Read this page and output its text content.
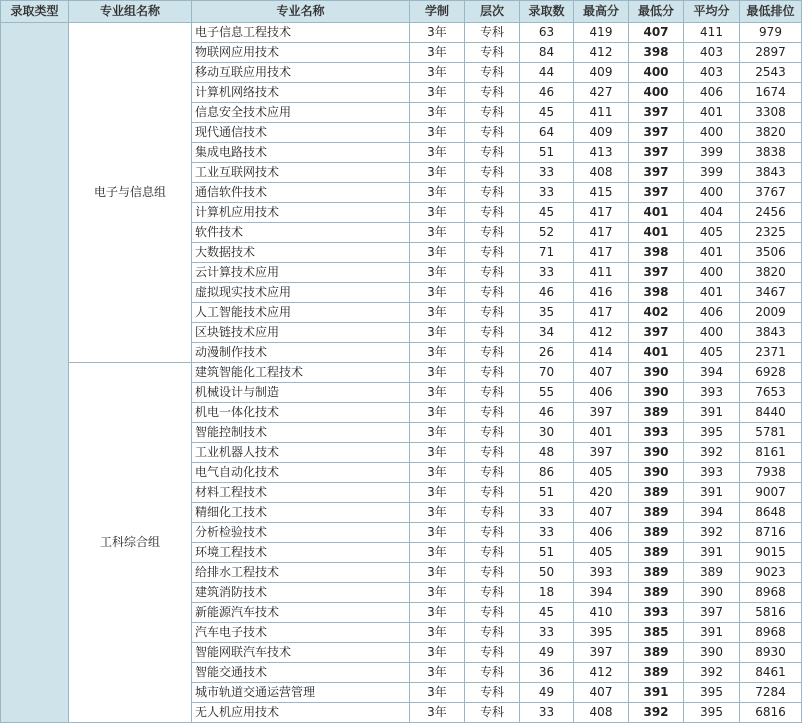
录取类型	专业组名称	专业名称	学制	层次	录取数	最高分	最低分	平均分	最低排位
	电子与信息组	电子信息工程技术	3年	专科	63	419	407	411	979
		物联网应用技术	3年	专科	84	412	398	403	2897
		移动互联应用技术	3年	专科	44	409	400	403	2543
		计算机网络技术	3年	专科	46	427	400	406	1674
		信息安全技术应用	3年	专科	45	411	397	401	3308
		现代通信技术	3年	专科	64	409	397	400	3820
		集成电路技术	3年	专科	51	413	397	399	3838
		工业互联网技术	3年	专科	33	408	397	399	3843
		通信软件技术	3年	专科	33	415	397	400	3767
		计算机应用技术	3年	专科	45	417	401	404	2456
		软件技术	3年	专科	52	417	401	405	2325
		大数据技术	3年	专科	71	417	398	401	3506
		云计算技术应用	3年	专科	33	411	397	400	3820
		虚拟现实技术应用	3年	专科	46	416	398	401	3467
		人工智能技术应用	3年	专科	35	417	402	406	2009
		区块链技术应用	3年	专科	34	412	397	400	3843
		动漫制作技术	3年	专科	26	414	401	405	2371
	工科综合组	建筑智能化工程技术	3年	专科	70	407	390	394	6928
		机械设计与制造	3年	专科	55	406	390	393	7653
		机电一体化技术	3年	专科	46	397	389	391	8440
		智能控制技术	3年	专科	30	401	393	395	5781
		工业机器人技术	3年	专科	48	397	390	392	8161
		电气自动化技术	3年	专科	86	405	390	393	7938
		材料工程技术	3年	专科	51	420	389	391	9007
		精细化工技术	3年	专科	33	407	389	394	8648
		分析检验技术	3年	专科	33	406	389	392	8716
		环境工程技术	3年	专科	51	405	389	391	9015
		给排水工程技术	3年	专科	50	393	389	389	9023
		建筑消防技术	3年	专科	18	394	389	390	8968
		新能源汽车技术	3年	专科	45	410	393	397	5816
		汽车电子技术	3年	专科	33	395	385	391	8968
		智能网联汽车技术	3年	专科	49	397	389	390	8930
		智能交通技术	3年	专科	36	412	389	392	8461
		城市轨道交通运营管理	3年	专科	49	407	391	395	7284
		无人机应用技术	3年	专科	33	408	392	395	6816
